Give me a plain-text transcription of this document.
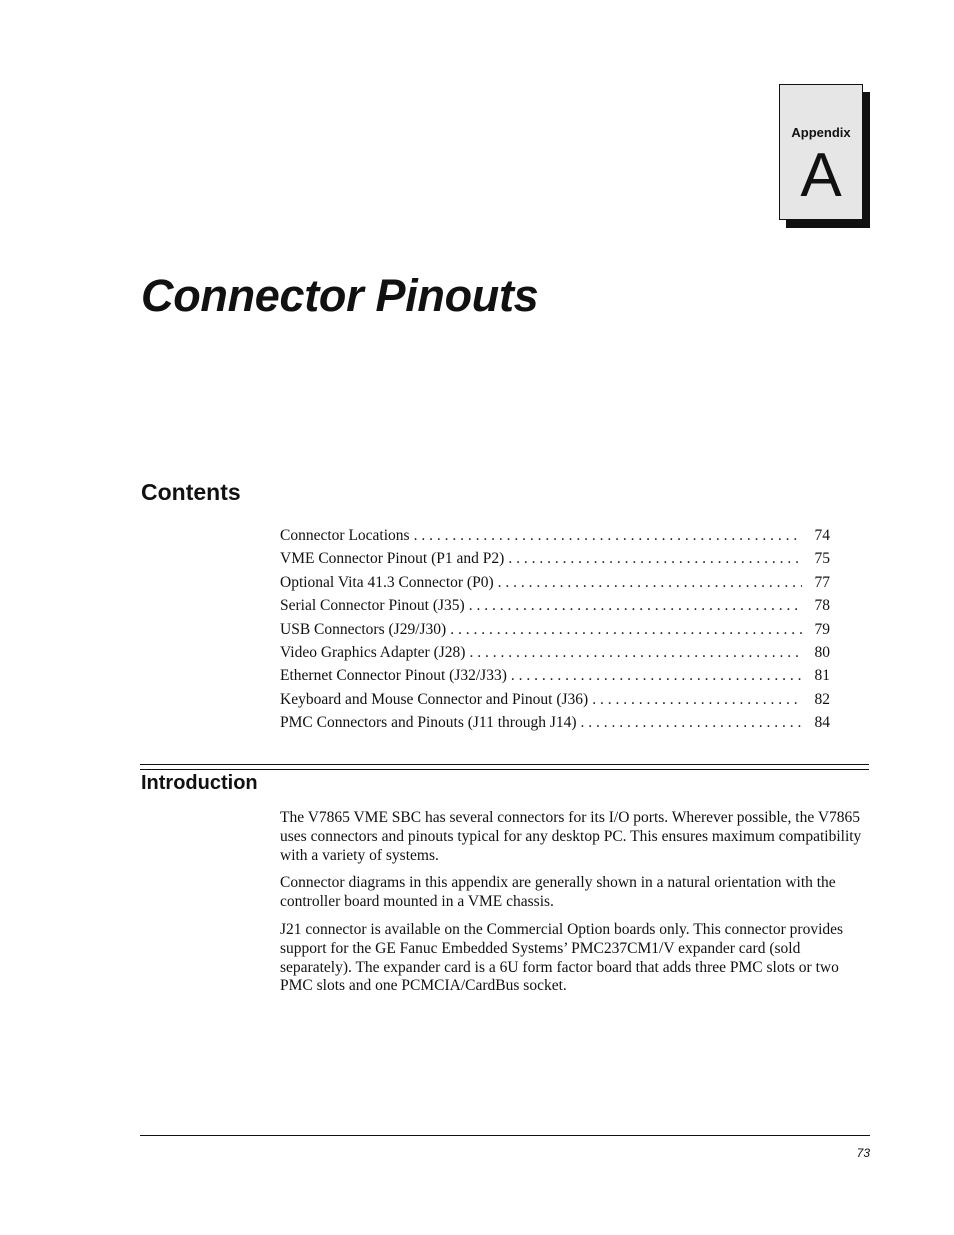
Appendix
A
Connector Pinouts
Contents
Connector Locations . . .	74
VME Connector Pinout (P1 and P2) . . .	75
Optional Vita 41.3 Connector (P0) . . .	77
Serial Connector Pinout (J35) . . .	78
USB Connectors (J29/J30) . . .	79
Video Graphics Adapter (J28) . . .	80
Ethernet Connector Pinout (J32/J33) . . .	81
Keyboard and Mouse Connector and Pinout (J36) . . .	82
PMC Connectors and Pinouts (J11 through J14) . . .	84
Introduction

The V7865 VME SBC has several connectors for its I/O ports. Wherever possible, the V7865 uses connectors and pinouts typical for any desktop PC. This ensures maximum compatibility with a variety of systems.

Connector diagrams in this appendix are generally shown in a natural orientation with the controller board mounted in a VME chassis.

J21 connector is available on the Commercial Option boards only. This connector provides support for the GE Fanuc Embedded Systems’ PMC237CM1/V expander card (sold separately). The expander card is a 6U form factor board that adds three PMC slots or two PMC slots and one PCMCIA/CardBus socket.

73
